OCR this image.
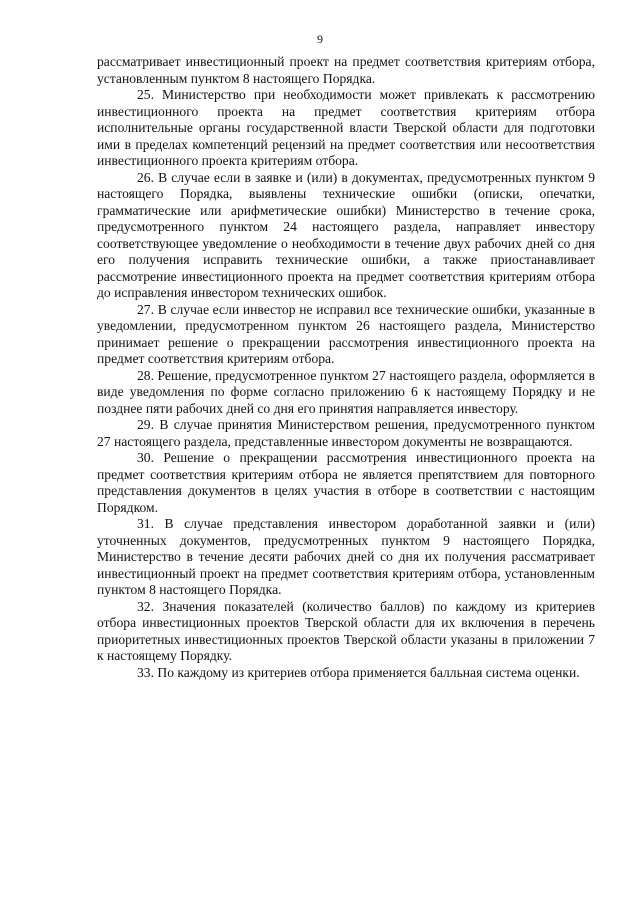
9

рассматривает инвестиционный проект на предмет соответствия критериям отбора, установленным пунктом 8 настоящего Порядка.

25. Министерство при необходимости может привлекать к рассмотрению инвестиционного проекта на предмет соответствия критериям отбора исполнительные органы государственной власти Тверской области для подготовки ими в пределах компетенций рецензий на предмет соответствия или несоответствия инвестиционного проекта критериям отбора.

26. В случае если в заявке и (или) в документах, предусмотренных пунктом 9 настоящего Порядка, выявлены технические ошибки (описки, опечатки, грамматические или арифметические ошибки) Министерство в течение срока, предусмотренного пунктом 24 настоящего раздела, направляет инвестору соответствующее уведомление о необходимости в течение двух рабочих дней со дня его получения исправить технические ошибки, а также приостанавливает рассмотрение инвестиционного проекта на предмет соответствия критериям отбора до исправления инвестором технических ошибок.

27. В случае если инвестор не исправил все технические ошибки, указанные в уведомлении, предусмотренном пунктом 26 настоящего раздела, Министерство принимает решение о прекращении рассмотрения инвестиционного проекта на предмет соответствия критериям отбора.

28. Решение, предусмотренное пунктом 27 настоящего раздела, оформляется в виде уведомления по форме согласно приложению 6 к настоящему Порядку и не позднее пяти рабочих дней со дня его принятия направляется инвестору.

29. В случае принятия Министерством решения, предусмотренного пунктом 27 настоящего раздела, представленные инвестором документы не возвращаются.

30. Решение о прекращении рассмотрения инвестиционного проекта на предмет соответствия критериям отбора не является препятствием для повторного представления документов в целях участия в отборе в соответствии с настоящим Порядком.

31. В случае представления инвестором доработанной заявки и (или) уточненных документов, предусмотренных пунктом 9 настоящего Порядка, Министерство в течение десяти рабочих дней со дня их получения рассматривает инвестиционный проект на предмет соответствия критериям отбора, установленным пунктом 8 настоящего Порядка.

32. Значения показателей (количество баллов) по каждому из критериев отбора инвестиционных проектов Тверской области для их включения в перечень приоритетных инвестиционных проектов Тверской области указаны в приложении 7 к настоящему Порядку.

33. По каждому из критериев отбора применяется балльная система оценки.
